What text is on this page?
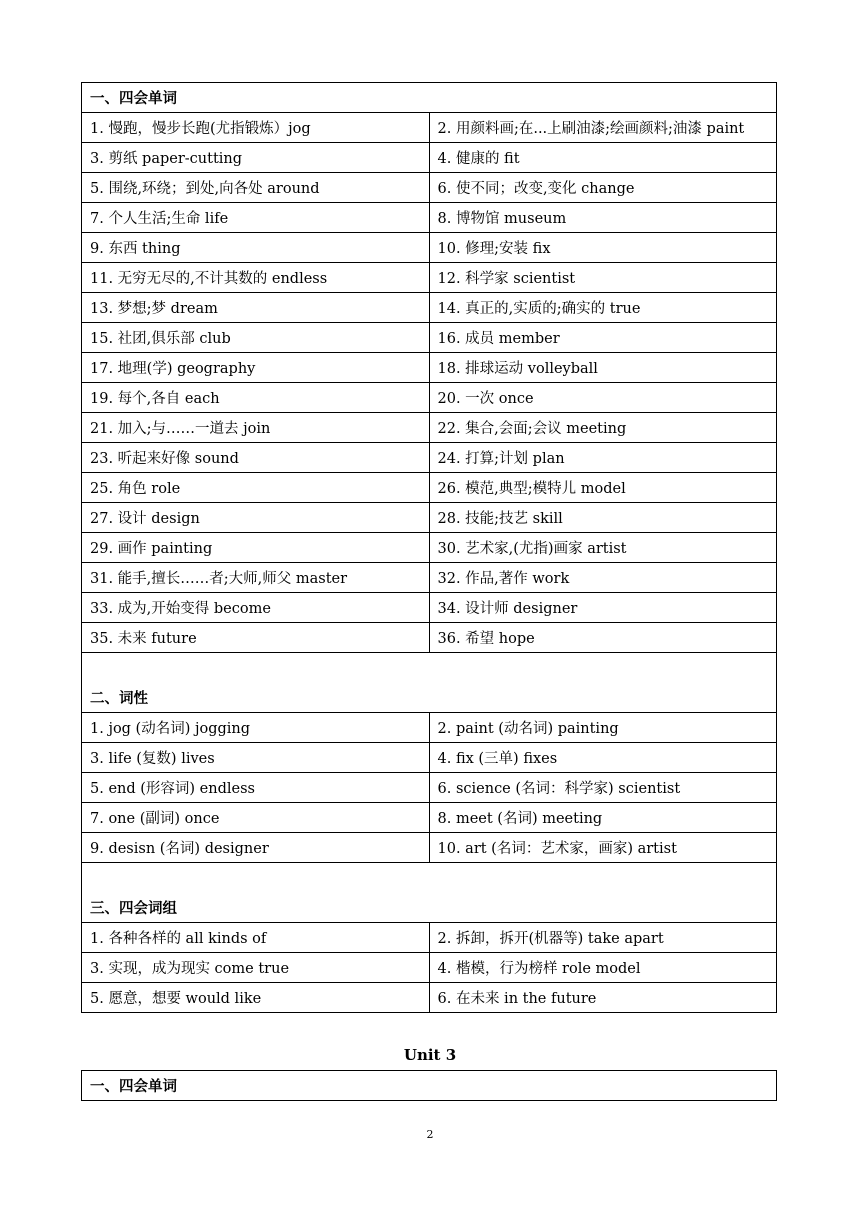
一、四会单词	
1. 慢跑，慢步长跑(尤指锻炼）jog	2. 用颜料画;在...上刷油漆;绘画颜料;油漆 paint
3. 剪纸 paper-cutting	4. 健康的 fit
5. 围绕,环绕；到处,向各处 around	6. 使不同；改变,变化 change
7. 个人生活;生命 life	8. 博物馆 museum
9. 东西 thing	10. 修理;安装 fix
11. 无穷无尽的,不计其数的 endless	12. 科学家 scientist
13. 梦想;梦 dream	14. 真正的,实质的;确实的 true
15. 社团,俱乐部 club	16. 成员 member
17. 地理(学) geography	18. 排球运动 volleyball
19. 每个,各自 each	20. 一次 once
21. 加入;与……一道去 join	22. 集合,会面;会议 meeting
23. 听起来好像 sound	24. 打算;计划 plan
25. 角色 role	26. 模范,典型;模特儿 model
27. 设计 design	28. 技能;技艺 skill
29. 画作 painting	30. 艺术家,(尤指)画家 artist
31. 能手,擅长……者;大师,师父 master	32. 作品,著作 work
33. 成为,开始变得 become	34. 设计师 designer
35. 未来 future	36. 希望 hope
二、词性	
1. jog (动名词) jogging	2. paint (动名词) painting
3. life (复数) lives	4. fix (三单) fixes
5. end (形容词) endless	6. science (名词：科学家) scientist
7. one (副词) once	8. meet (名词) meeting
9. desisn (名词) designer	10. art (名词：艺术家，画家) artist
三、四会词组	
1. 各种各样的 all kinds of	2. 拆卸，拆开(机器等) take apart
3. 实现，成为现实 come true	4. 楷模，行为榜样 role model
5. 愿意，想要 would like	6. 在未来 in the future
Unit 3
一、四会单词
2
